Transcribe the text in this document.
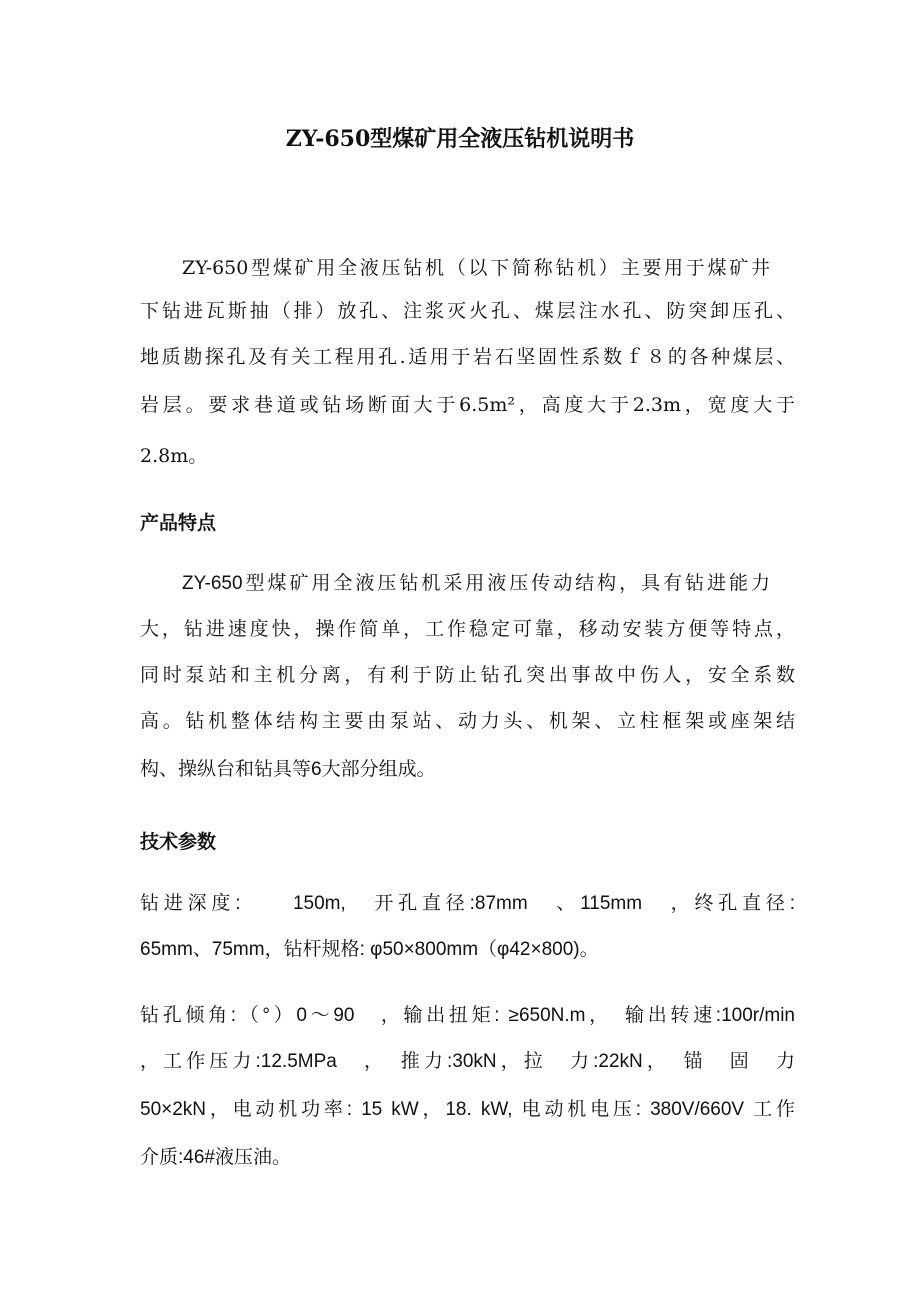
ZY-650型煤矿用全液压钻机说明书
ZY-650型煤矿用全液压钻机（以下简称钻机）主要用于煤矿井
下钻进瓦斯抽（排）放孔、注浆灭火孔、煤层注水孔、防突卸压孔、
地质勘探孔及有关工程用孔.适用于岩石坚固性系数ｆ８的各种煤层、
岩层。要求巷道或钻场断面大于6.5m²，高度大于2.3m，宽度大于
2.8m。
产品特点
ZY-650型煤矿用全液压钻机采用液压传动结构，具有钻进能力
大，钻进速度快，操作简单，工作稳定可靠，移动安装方便等特点，
同时泵站和主机分离，有利于防止钻孔突出事故中伤人，安全系数
高。钻机整体结构主要由泵站、动力头、机架、立柱框架或座架结
构、操纵台和钻具等6大部分组成。
技术参数
钻进深度:　　150m,　开孔直径:87mm　、115mm　，终孔直径:
65mm、75mm，钻杆规格: φ50×800mm（φ42×800)。
钻孔倾角:（°）0～90　，输出扭矩: ≥650N.m，　输出转速:100r/min
，工作压力:12.5MPa　，　推力:30kN，拉　力:22kN，　锚　固　力
50×2kN，电动机功率: 15 kW，18. kW, 电动机电压: 380V/660V 工作
介质:46#液压油。
